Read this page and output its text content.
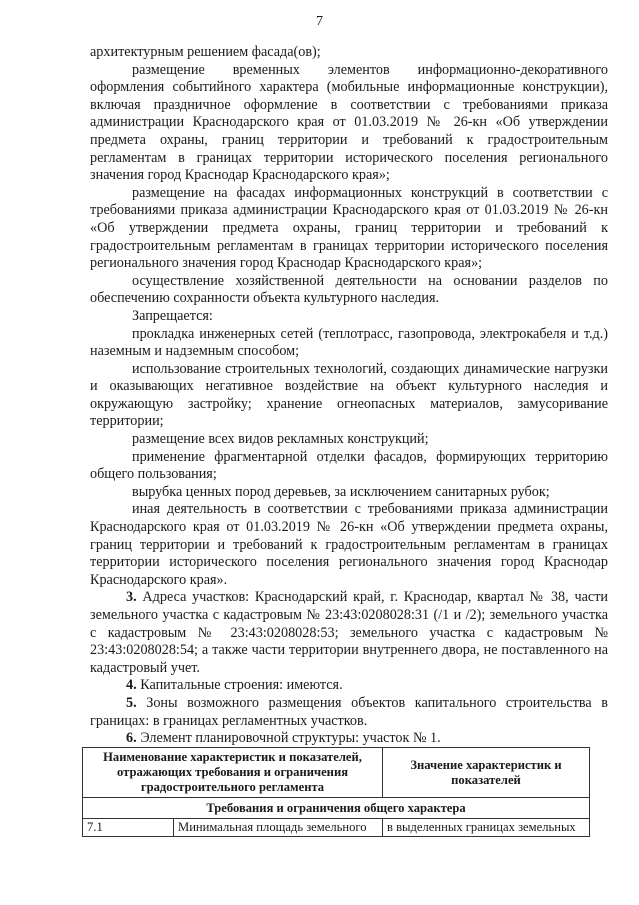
7

архитектурным решением фасада(ов);

размещение временных элементов информационно-декоративного оформления событийного характера (мобильные информационные конструкции), включая праздничное оформление в соответствии с требованиями приказа администрации Краснодарского края от 01.03.2019 № 26-кн «Об утверждении предмета охраны, границ территории и требований к градостроительным регламентам в границах территории исторического поселения регионального значения город Краснодар Краснодарского края»;

размещение на фасадах информационных конструкций в соответствии с требованиями приказа администрации Краснодарского края от 01.03.2019 № 26-кн «Об утверждении предмета охраны, границ территории и требований к градостроительным регламентам в границах территории исторического поселения регионального значения город Краснодар Краснодарского края»;

осуществление хозяйственной деятельности на основании разделов по обеспечению сохранности объекта культурного наследия.

Запрещается:

прокладка инженерных сетей (теплотрасс, газопровода, электрокабеля и т.д.) наземным и надземным способом;

использование строительных технологий, создающих динамические нагрузки и оказывающих негативное воздействие на объект культурного наследия и окружающую застройку; хранение огнеопасных материалов, замусоривание территории;

размещение всех видов рекламных конструкций;

применение фрагментарной отделки фасадов, формирующих территорию общего пользования;

вырубка ценных пород деревьев, за исключением санитарных рубок;

иная деятельность в соответствии с требованиями приказа администрации Краснодарского края от 01.03.2019 № 26-кн «Об утверждении предмета охраны, границ территории и требований к градостроительным регламентам в границах территории исторического поселения регионального значения город Краснодар Краснодарского края».

3. Адреса участков: Краснодарский край, г. Краснодар, квартал № 38, части земельного участка с кадастровым № 23:43:0208028:31 (/1 и /2); земельного участка с кадастровым № 23:43:0208028:53; земельного участка с кадастровым № 23:43:0208028:54; а также части территории внутреннего двора, не поставленного на кадастровый учет.

4. Капитальные строения: имеются.

5. Зоны возможного размещения объектов капитального строительства в границах: в границах регламентных участков.

6. Элемент планировочной структуры: участок № 1.

Наименование характеристик и показателей, отражающих требования и ограничения градостроительного регламента		Значение характеристик и показателей
Требования и ограничения общего характера		
7.1	Минимальная площадь земельного	в выделенных границах земельных
